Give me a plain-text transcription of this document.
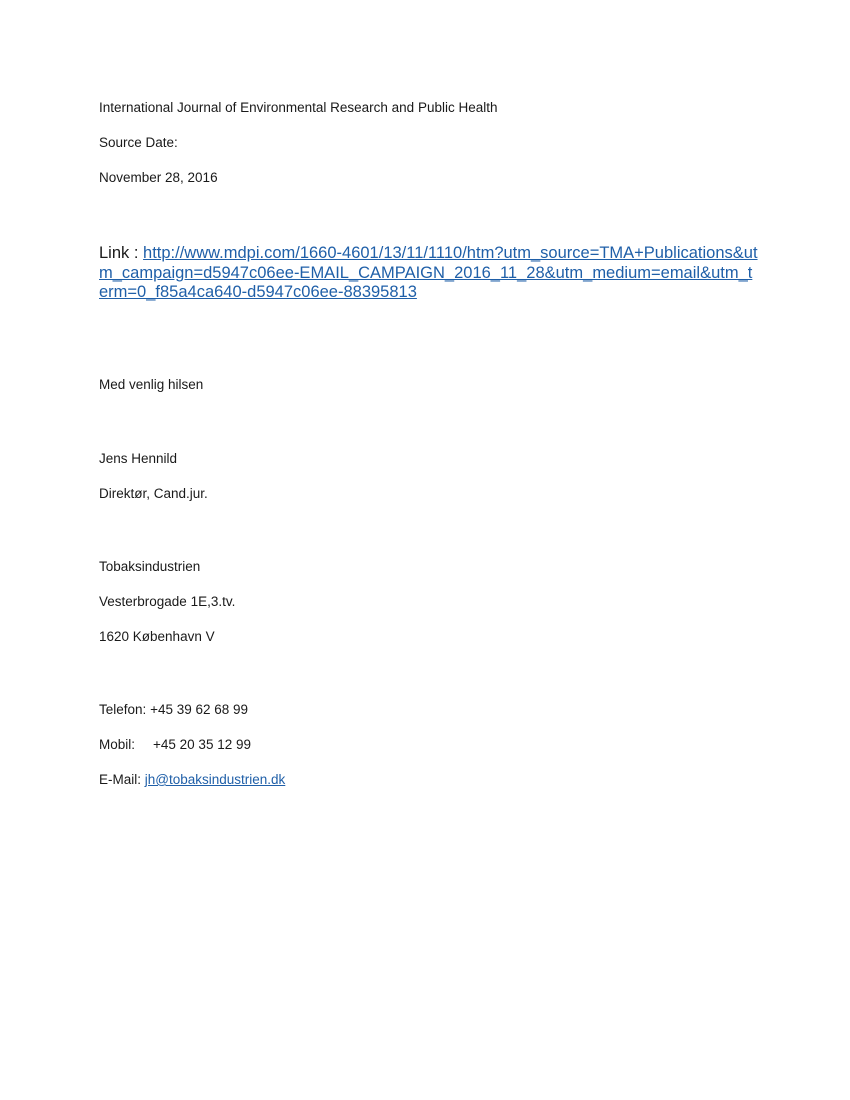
International Journal of Environmental Research and Public Health

Source Date:

November 28, 2016

Link : http://www.mdpi.com/1660-4601/13/11/1110/htm?utm_source=TMA+Publications&utm_campaign=d5947c06ee-EMAIL_CAMPAIGN_2016_11_28&utm_medium=email&utm_term=0_f85a4ca640-d5947c06ee-88395813

Med venlig hilsen

Jens Hennild

Direktør, Cand.jur.

Tobaksindustrien

Vesterbrogade 1E,3.tv.

1620 København V

Telefon: +45 39 62 68 99

Mobil: +45 20 35 12 99

E-Mail: jh@tobaksindustrien.dk
